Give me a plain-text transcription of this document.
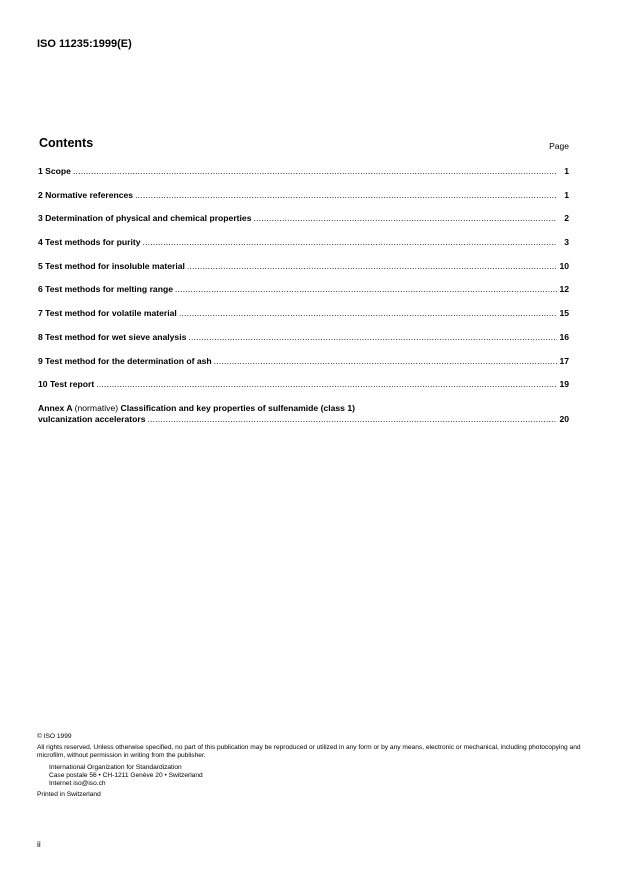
ISO 11235:1999(E)
Contents	Page
1 Scope .....	1
2 Normative references .....	1
3 Determination of physical and chemical properties .....	2
4 Test methods for purity .....	3
5 Test method for insoluble material .....	10
6 Test methods for melting range .....	12
7 Test method for volatile material .....	15
8 Test method for wet sieve analysis .....	16
9 Test method for the determination of ash .....	17
10 Test report .....	19
Annex A (normative) Classification and key properties of sulfenamide (class 1)
vulcanization accelerators .....	20
© ISO 1999
All rights reserved. Unless otherwise specified, no part of this publication may be reproduced or utilized in any form or by any means, electronic or mechanical, including photocopying and microfilm, without permission in writing from the publisher.
International Organization for Standardization
Case postale 56 • CH-1211 Genève 20 • Switzerland
Internet iso@iso.ch
Printed in Switzerland
ii
